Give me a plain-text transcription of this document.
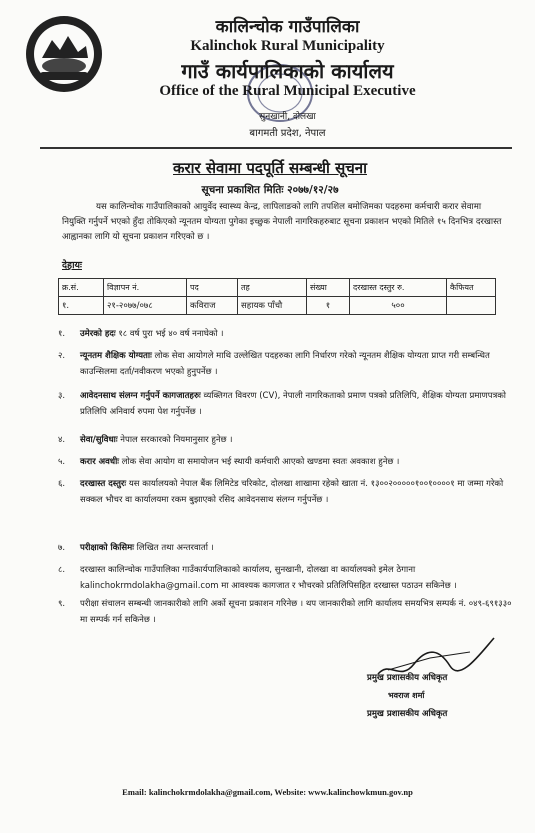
कालिन्चोक गाउँपालिका
Kalinchok Rural Municipality
गाउँ कार्यपालिकाको कार्यालय
Office of the Rural Municipal Executive
सुनखानी, दोलखा
बागमती प्रदेश, नेपाल
करार सेवामा पदपूर्ति सम्बन्धी सूचना
सूचना प्रकाशित मितिः २०७७/१२/२७
यस कालिन्चोक गाउँपालिकाको आयुर्वेद स्वास्थ्य केन्द्र, लापिलाङको लागि तपशिल बमोजिमका पदहरुमा कर्मचारी करार सेवामा नियुक्ति गर्नुपर्ने भएको हुँदा तोकिएको न्यूनतम योग्यता पुगेका इच्छुक नेपाली नागरिकहरुबाट सूचना प्रकाशन भएको मितिले १५ दिनभित्र दरखास्त आह्वानका लागि यो सूचना प्रकाशन गरिएको छ ।
देहायः
क्र.सं.	विज्ञापन नं.	पद	तह	संख्या	दरखास्त दस्तुर रु.	कैफियत
१.	२१-२०७७/०७८	कविराज	सहायक पाँचौ	१	५००	
१.	उमेरको हदः १८ वर्ष पुरा भई ४० वर्ष ननाघेको ।
२.	न्यूनतम शैक्षिक योग्यताः लोक सेवा आयोगले माथि उल्लेखित पदहरुका लागि निर्धारण गरेको न्यूनतम शैक्षिक योग्यता प्राप्त गरी सम्बन्धित काउन्सिलमा दर्ता/नवीकरण भएको हुनुपर्नेछ ।
३.	आवेदनसाथ संलग्न गर्नुपर्ने कागजातहरुः व्यक्तिगत विवरण (CV), नेपाली नागरिकताको प्रमाण पत्रको प्रतिलिपि, शैक्षिक योग्यता प्रमाणपत्रको प्रतिलिपि अनिवार्य रुपमा पेश गर्नुपर्नेछ ।
४.	सेवा/सुविधाः नेपाल सरकारको नियमानुसार हुनेछ ।
५.	करार अवधीः लोक सेवा आयोग वा समायोजन भई स्थायी कर्मचारी आएको खण्डमा स्वतः अवकाश हुनेछ ।
६.	दरखास्त दस्तुरः यस कार्यालयको नेपाल बैंक लिमिटेड चरिकोट, दोलखा शाखामा रहेको खाता नं. १३००२०००००१००१००००१ मा जम्मा गरेको सक्कल भौचर वा कार्यालयमा रकम बुझाएको रसिद आवेदनसाथ संलग्न गर्नुपर्नेछ ।
७.	परीक्षाको किसिमः लिखित तथा अन्तरवार्ता ।
८.	दरखास्त कालिन्चोक गाउँपालिका गाउँकार्यपालिकाको कार्यालय, सुनखानी, दोलखा वा कार्यालयको इमेल ठेगाना kalinchokrmdolakha@gmail.com मा आवश्यक कागजात र भौचरको प्रतिलिपिसहित दरखास्त पठाउन सकिनेछ ।
९.	परीक्षा संचालन सम्बन्धी जानकारीको लागि अर्को सूचना प्रकाशन गरिनेछ । थप जानकारीको लागि कार्यालय समयभित्र सम्पर्क नं. ०४९-६९१३३० मा सम्पर्क गर्न सकिनेछ ।
प्रमुख प्रशासकीय अधिकृत
भवराज शर्मा
प्रमुख प्रशासकीय अधिकृत
Email: kalinchokrmdolakha@gmail.com, Website: www.kalinchowkmun.gov.np
